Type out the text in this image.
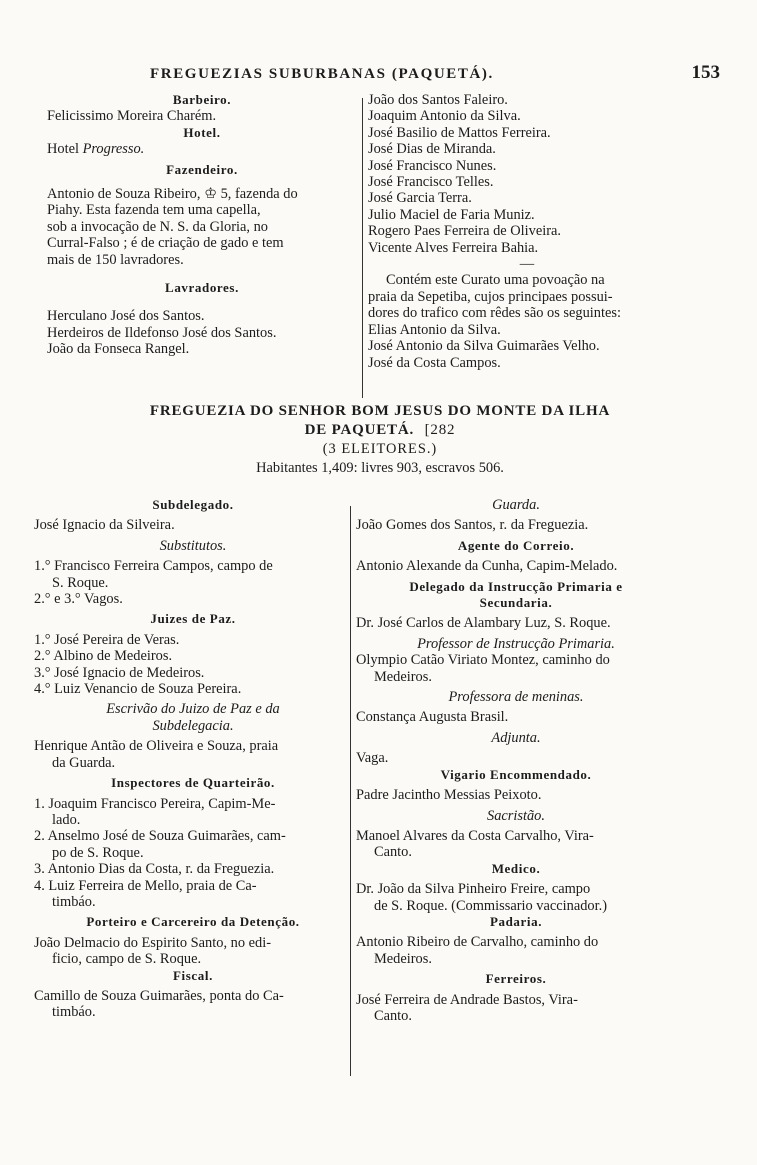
FREGUEZIAS SUBURBANAS (PAQUETÁ).	153
Barbeiro.
Felicissimo Moreira Charém.
Hotel.
Hotel Progresso.
Fazendeiro.
Antonio de Souza Ribeiro, ♔ 5, fazenda do
Piahy. Esta fazenda tem uma capella,
sob a invocação de N. S. da Gloria, no
Curral-Falso ; é de criação de gado e tem
mais de 150 lavradores.
Lavradores.
Herculano José dos Santos.
Herdeiros de Ildefonso José dos Santos.
João da Fonseca Rangel.
João dos Santos Faleiro.
Joaquim Antonio da Silva.
José Basilio de Mattos Ferreira.
José Dias de Miranda.
José Francisco Nunes.
José Francisco Telles.
José Garcia Terra.
Julio Maciel de Faria Muniz.
Rogero Paes Ferreira de Oliveira.
Vicente Alves Ferreira Bahia.
—
Contém este Curato uma povoação na
praia da Sepetiba, cujos principaes possui-
dores do trafico com rêdes são os seguintes:
Elias Antonio da Silva.
José Antonio da Silva Guimarães Velho.
José da Costa Campos.
FREGUEZIA DO SENHOR BOM JESUS DO MONTE DA ILHA
DE PAQUETÁ. [282
(3 ELEITORES.)
Habitantes 1,409: livres 903, escravos 506.
Subdelegado.
José Ignacio da Silveira.
Substitutos.
1.° Francisco Ferreira Campos, campo de
S. Roque.
2.° e 3.° Vagos.
Juizes de Paz.
1.° José Pereira de Veras.
2.° Albino de Medeiros.
3.° José Ignacio de Medeiros.
4.° Luiz Venancio de Souza Pereira.
Escrivão do Juizo de Paz e da
Subdelegacia.
Henrique Antão de Oliveira e Souza, praia
da Guarda.
Inspectores de Quarteirão.
1. Joaquim Francisco Pereira, Capim-Me-
lado.
2. Anselmo José de Souza Guimarães, cam-
po de S. Roque.
3. Antonio Dias da Costa, r. da Freguezia.
4. Luiz Ferreira de Mello, praia de Ca-
timbáo.
Porteiro e Carcereiro da Detenção.
João Delmacio do Espirito Santo, no edi-
ficio, campo de S. Roque.
Fiscal.
Camillo de Souza Guimarães, ponta do Ca-
timbáo.
Guarda.
João Gomes dos Santos, r. da Freguezia.
Agente do Correio.
Antonio Alexande da Cunha, Capim-Melado.
Delegado da Instrucção Primaria e
Secundaria.
Dr. José Carlos de Alambary Luz, S. Roque.
Professor de Instrucção Primaria.
Olympio Catão Viriato Montez, caminho do
Medeiros.
Professora de meninas.
Constança Augusta Brasil.
Adjunta.
Vaga.
Vigario Encommendado.
Padre Jacintho Messias Peixoto.
Sacristão.
Manoel Alvares da Costa Carvalho, Vira-
Canto.
Medico.
Dr. João da Silva Pinheiro Freire, campo
de S. Roque. (Commissario vaccinador.)
Padaria.
Antonio Ribeiro de Carvalho, caminho do
Medeiros.
Ferreiros.
José Ferreira de Andrade Bastos, Vira-
Canto.
